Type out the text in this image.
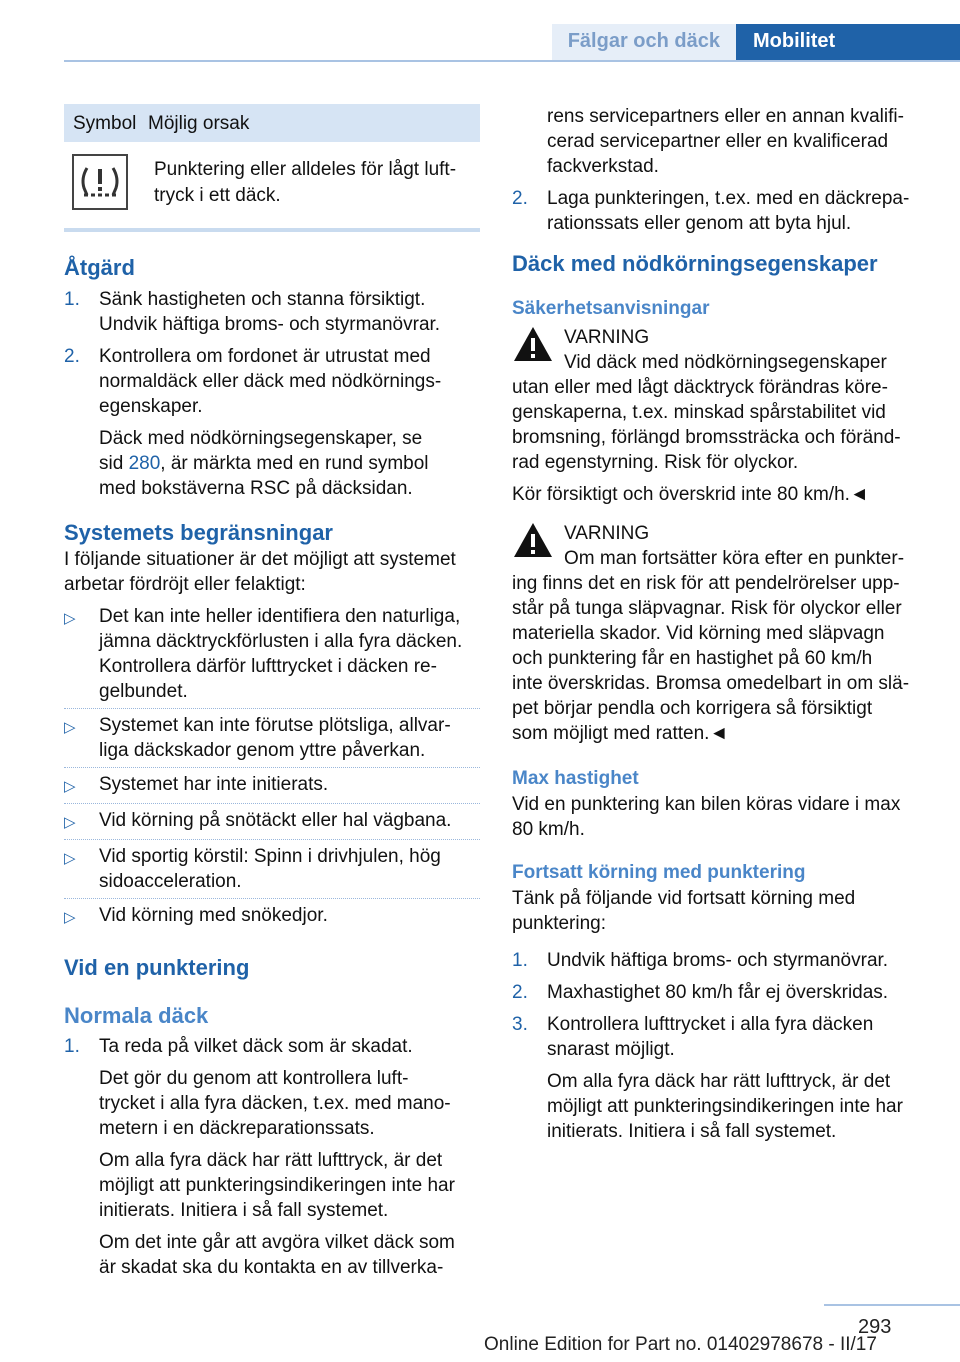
Fälgar och däck	Mobilitet
Symbol Möjlig orsak
Punktering eller alldeles för lågt luft-
tryck i ett däck.
Åtgärd
1.	Sänk hastigheten och stanna försiktigt.
Undvik häftiga broms- och styrmanövrar.
2.	Kontrollera om fordonet är utrustat med
normaldäck eller däck med nödkörnings-
egenskaper.
Däck med nödkörningsegenskaper, se
sid 280, är märkta med en rund symbol
med bokstäverna RSC på däcksidan.
Systemets begränsningar
I följande situationer är det möjligt att systemet
arbetar fördröjt eller felaktigt:
▷	Det kan inte heller identifiera den naturliga,
jämna däcktryckförlusten i alla fyra däcken.
Kontrollera därför lufttrycket i däcken re-
gelbundet.
▷	Systemet kan inte förutse plötsliga, allvar-
liga däckskador genom yttre påverkan.
▷	Systemet har inte initierats.
▷	Vid körning på snötäckt eller hal vägbana.
▷	Vid sportig körstil: Spinn i drivhjulen, hög
sidoacceleration.
▷	Vid körning med snökedjor.
Vid en punktering
Normala däck
1.	Ta reda på vilket däck som är skadat.
Det gör du genom att kontrollera luft-
trycket i alla fyra däcken, t.ex. med mano-
metern i en däckreparationssats.
Om alla fyra däck har rätt lufttryck, är det
möjligt att punkteringsindikeringen inte har
initierats. Initiera i så fall systemet.
Om det inte går att avgöra vilket däck som
är skadat ska du kontakta en av tillverka-
rens servicepartners eller en annan kvalifi-
cerad servicepartner eller en kvalificerad
fackverkstad.
2.	Laga punkteringen, t.ex. med en däckrepa-
rationssats eller genom att byta hjul.
Däck med nödkörningsegenskaper
Säkerhetsanvisningar
VARNING
Vid däck med nödkörningsegenskaper
utan eller med lågt däcktryck förändras köre-
genskaperna, t.ex. minskad spårstabilitet vid
bromsning, förlängd bromssträcka och föränd-
rad egenstyrning. Risk för olyckor.
Kör försiktigt och överskrid inte 80 km/h.◄
VARNING
Om man fortsätter köra efter en punkter-
ing finns det en risk för att pendelrörelser upp-
står på tunga släpvagnar. Risk för olyckor eller
materiella skador. Vid körning med släpvagn
och punktering får en hastighet på 60 km/h
inte överskridas. Bromsa omedelbart in om slä-
pet börjar pendla och korrigera så försiktigt
som möjligt med ratten.◄
Max hastighet
Vid en punktering kan bilen köras vidare i max
80 km/h.
Fortsatt körning med punktering
Tänk på följande vid fortsatt körning med
punktering:
1.	Undvik häftiga broms- och styrmanövrar.
2.	Maxhastighet 80 km/h får ej överskridas.
3.	Kontrollera lufttrycket i alla fyra däcken
snarast möjligt.
Om alla fyra däck har rätt lufttryck, är det
möjligt att punkteringsindikeringen inte har
initierats. Initiera i så fall systemet.
293
Online Edition for Part no. 01402978678 - II/17
